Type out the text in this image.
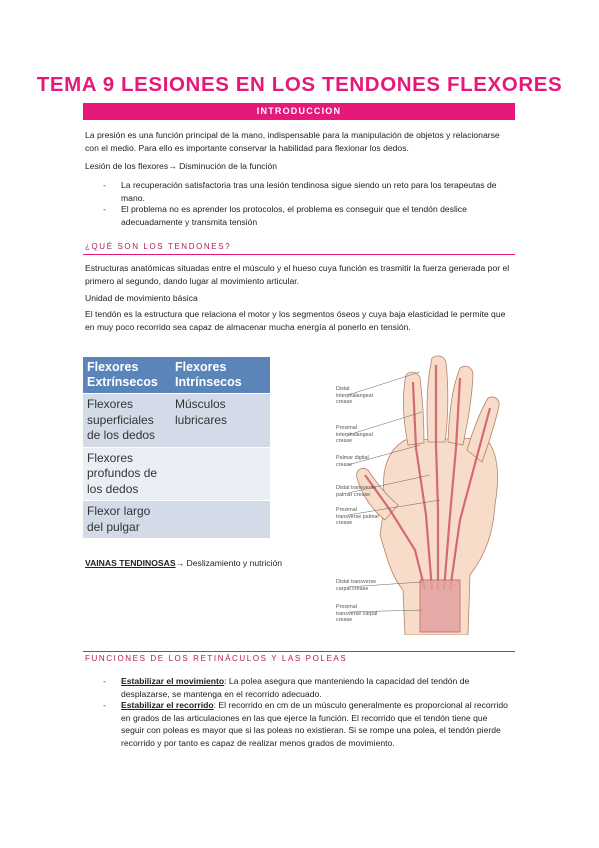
TEMA 9 LESIONES EN LOS TENDONES FLEXORES
INTRODUCCION
La presión es una función principal de la mano, indispensable para la manipulación de objetos y relacionarse con el medio. Para ello es importante conservar la habilidad para flexionar los dedos.
Lesión de los flexores→ Disminución de la función
- La recuperación satisfactoria tras una lesión tendinosa sigue siendo un reto para los terapeutas de mano.
- El problema no es aprender los protocolos, el problema es conseguir que el tendón deslice adecuadamente y transmita tensión
¿QUÉ SON LOS TENDONES?
Estructuras anatómicas situadas entre el músculo y el hueso cuya función es trasmitir la fuerza generada por el primero al segundo, dando lugar al movimiento articular.
Unidad de movimiento básica
El tendón es la estructura que relaciona el motor y los segmentos óseos y cuya baja elasticidad le permite que en muy poco recorrido sea capaz de almacenar mucha energía al ponerlo en tensión.
Flexores Extrínsecos	Flexores Intrínsecos
Flexores superficiales de los dedos	Músculos lubricares
Flexores profundos de los dedos	
Flexor largo del pulgar	
VAINAS TENDINOSAS→ Deslizamiento y nutrición
Distal interphalangeal crease
Proximal interphalangeal crease
Palmar digital crease
Distal transverse palmar crease
Proximal transverse palmar crease
Distal transverse carpal crease
Proximal transverse carpal crease
FUNCIONES DE LOS RETINÁCULOS Y LAS POLEAS
- Estabilizar el movimiento: La polea asegura que manteniendo la capacidad del tendón de desplazarse, se mantenga en el recorrido adecuado.
- Estabilizar el recorrido: El recorrido en cm de un músculo generalmente es proporcional al recorrido en grados de las articulaciones en las que ejerce la función. El recorrido que el tendón tiene que seguir con poleas es mayor que si las poleas no existieran. Si se rompe una polea, el tendón pierde recorrido y por tanto es capaz de realizar menos grados de movimiento.
